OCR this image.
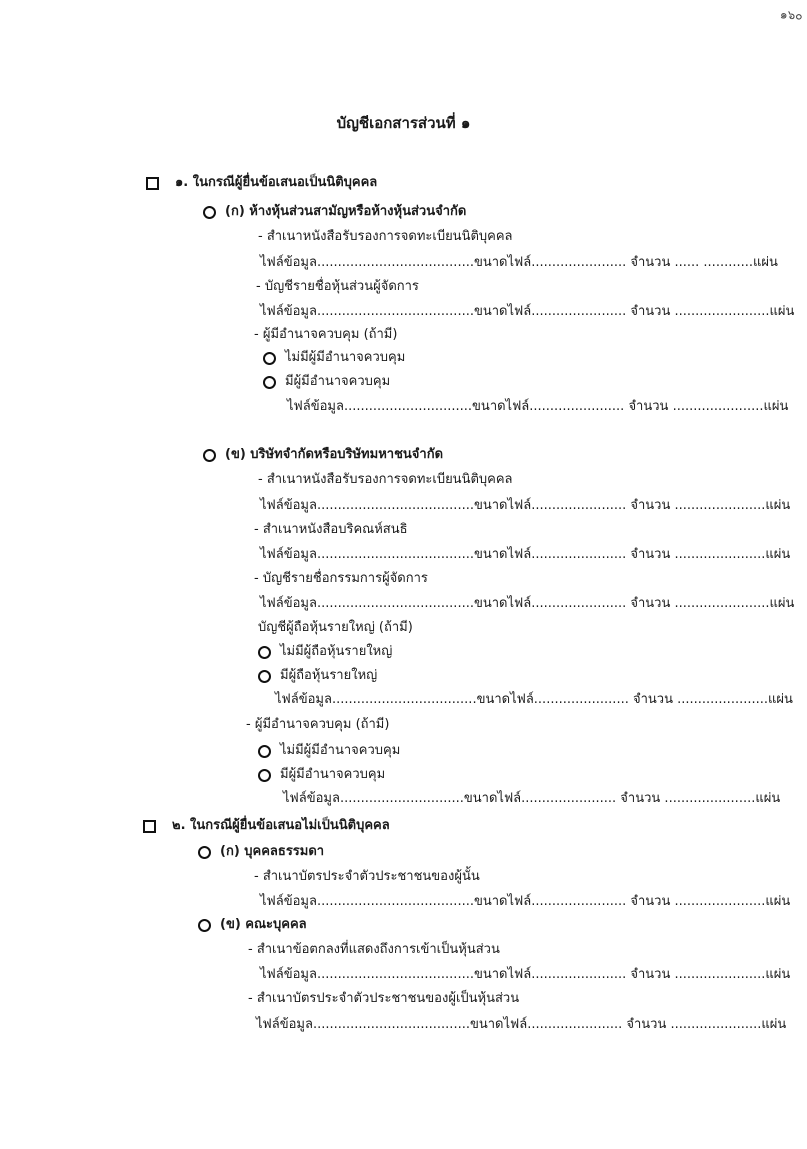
๑๖๐
บัญชีเอกสารส่วนที่ ๑
๑. ในกรณีผู้ยื่นข้อเสนอเป็นนิติบุคคล
(ก) ห้างหุ้นส่วนสามัญหรือห้างหุ้นส่วนจำกัด
- สำเนาหนังสือรับรองการจดทะเบียนนิติบุคคล
ไฟล์ข้อมูล......................................ขนาดไฟล์....................... จำนวน ...... ............แผ่น
- บัญชีรายชื่อหุ้นส่วนผู้จัดการ
ไฟล์ข้อมูล......................................ขนาดไฟล์....................... จำนวน .......................แผ่น
- ผู้มีอำนาจควบคุม (ถ้ามี)
ไม่มีผู้มีอำนาจควบคุม
มีผู้มีอำนาจควบคุม
ไฟล์ข้อมูล...............................ขนาดไฟล์....................... จำนวน ......................แผ่น
(ข) บริษัทจำกัดหรือบริษัทมหาชนจำกัด
- สำเนาหนังสือรับรองการจดทะเบียนนิติบุคคล
ไฟล์ข้อมูล......................................ขนาดไฟล์....................... จำนวน ......................แผ่น
- สำเนาหนังสือบริคณห์สนธิ
ไฟล์ข้อมูล......................................ขนาดไฟล์....................... จำนวน ......................แผ่น
- บัญชีรายชื่อกรรมการผู้จัดการ
ไฟล์ข้อมูล......................................ขนาดไฟล์....................... จำนวน .......................แผ่น
บัญชีผู้ถือหุ้นรายใหญ่ (ถ้ามี)
ไม่มีผู้ถือหุ้นรายใหญ่
มีผู้ถือหุ้นรายใหญ่
ไฟล์ข้อมูล...................................ขนาดไฟล์....................... จำนวน ......................แผ่น
- ผู้มีอำนาจควบคุม (ถ้ามี)
ไม่มีผู้มีอำนาจควบคุม
มีผู้มีอำนาจควบคุม
ไฟล์ข้อมูล..............................ขนาดไฟล์....................... จำนวน ......................แผ่น
๒. ในกรณีผู้ยื่นข้อเสนอไม่เป็นนิติบุคคล
(ก) บุคคลธรรมดา
- สำเนาบัตรประจำตัวประชาชนของผู้นั้น
ไฟล์ข้อมูล......................................ขนาดไฟล์....................... จำนวน ......................แผ่น
(ข) คณะบุคคล
- สำเนาข้อตกลงที่แสดงถึงการเข้าเป็นหุ้นส่วน
ไฟล์ข้อมูล......................................ขนาดไฟล์....................... จำนวน ......................แผ่น
- สำเนาบัตรประจำตัวประชาชนของผู้เป็นหุ้นส่วน
ไฟล์ข้อมูล......................................ขนาดไฟล์....................... จำนวน ......................แผ่น
